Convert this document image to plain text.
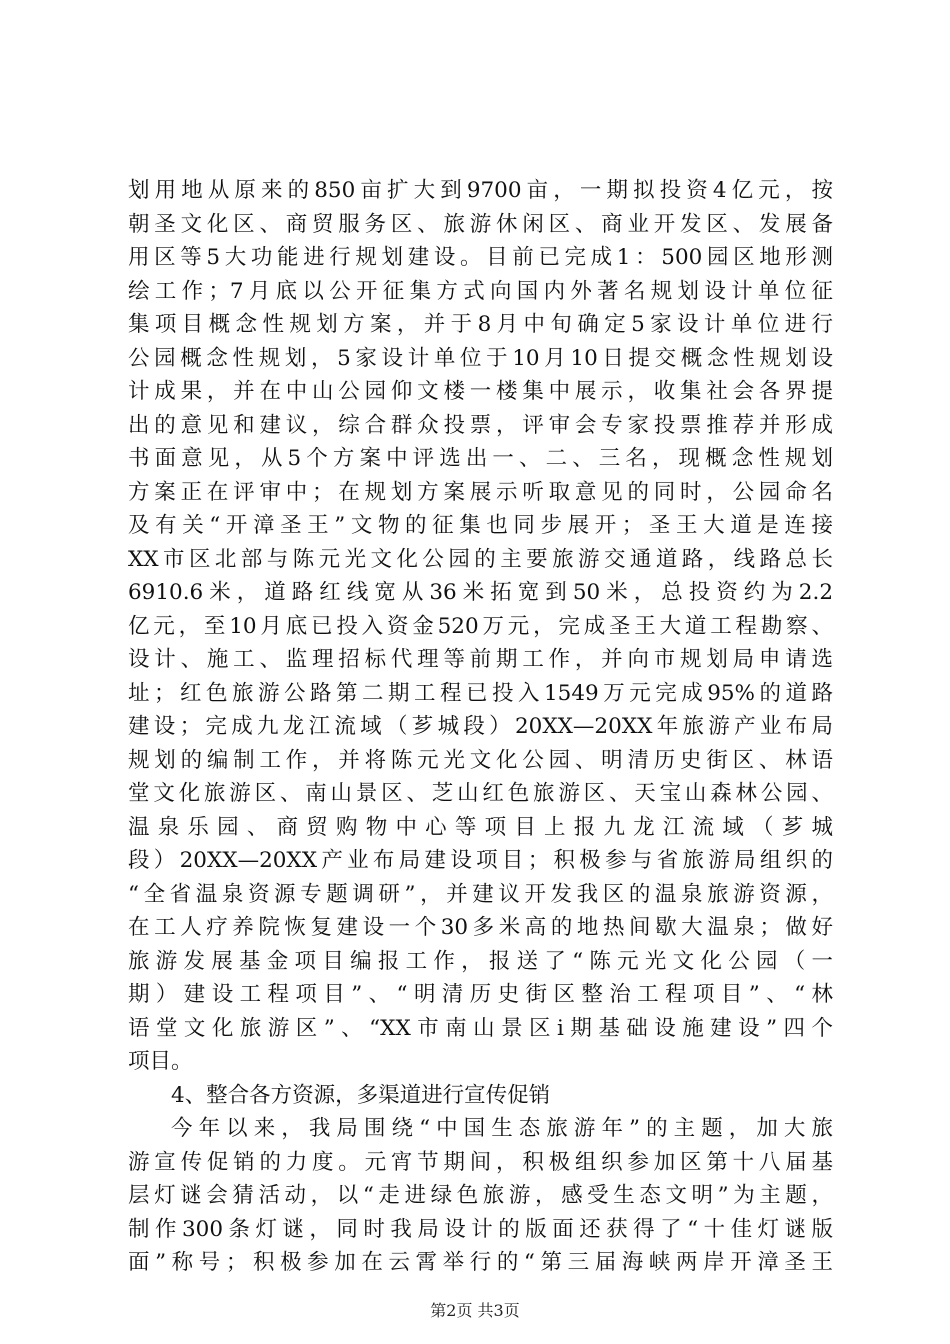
划用地从原来的850亩扩大到9700亩，一期拟投资4亿元，按
朝圣文化区、商贸服务区、旅游休闲区、商业开发区、发展备
用区等5大功能进行规划建设。目前已完成1：500园区地形测
绘工作；7月底以公开征集方式向国内外著名规划设计单位征
集项目概念性规划方案，并于8月中旬确定5家设计单位进行
公园概念性规划，5家设计单位于10月10日提交概念性规划设
计成果，并在中山公园仰文楼一楼集中展示，收集社会各界提
出的意见和建议，综合群众投票，评审会专家投票推荐并形成
书面意见，从5个方案中评选出一、二、三名，现概念性规划
方案正在评审中；在规划方案展示听取意见的同时，公园命名
及有关“开漳圣王”文物的征集也同步展开；圣王大道是连接
XX市区北部与陈元光文化公园的主要旅游交通道路，线路总长
6910.6米，道路红线宽从36米拓宽到50米，总投资约为2.2
亿元，至10月底已投入资金520万元，完成圣王大道工程勘察、
设计、施工、监理招标代理等前期工作，并向市规划局申请选
址；红色旅游公路第二期工程已投入1549万元完成95%的道路
建设；完成九龙江流域（芗城段）20XX—20XX年旅游产业布局
规划的编制工作，并将陈元光文化公园、明清历史街区、林语
堂文化旅游区、南山景区、芝山红色旅游区、天宝山森林公园、
温泉乐园、商贸购物中心等项目上报九龙江流域（芗城
段）20XX—20XX产业布局建设项目；积极参与省旅游局组织的
“全省温泉资源专题调研”，并建议开发我区的温泉旅游资源，
在工人疗养院恢复建设一个30多米高的地热间歇大温泉；做好
旅游发展基金项目编报工作，报送了“陈元光文化公园（一
期）建设工程项目”、“明清历史街区整治工程项目”、“林
语堂文化旅游区”、“XX市南山景区i期基础设施建设”四个
项目。
4、整合各方资源，多渠道进行宣传促销
今年以来，我局围绕“中国生态旅游年”的主题，加大旅
游宣传促销的力度。元宵节期间，积极组织参加区第十八届基
层灯谜会猜活动，以“走进绿色旅游，感受生态文明”为主题，
制作300条灯谜，同时我局设计的版面还获得了“十佳灯谜版
面”称号；积极参加在云霄举行的“第三届海峡两岸开漳圣王
第2页 共3页
